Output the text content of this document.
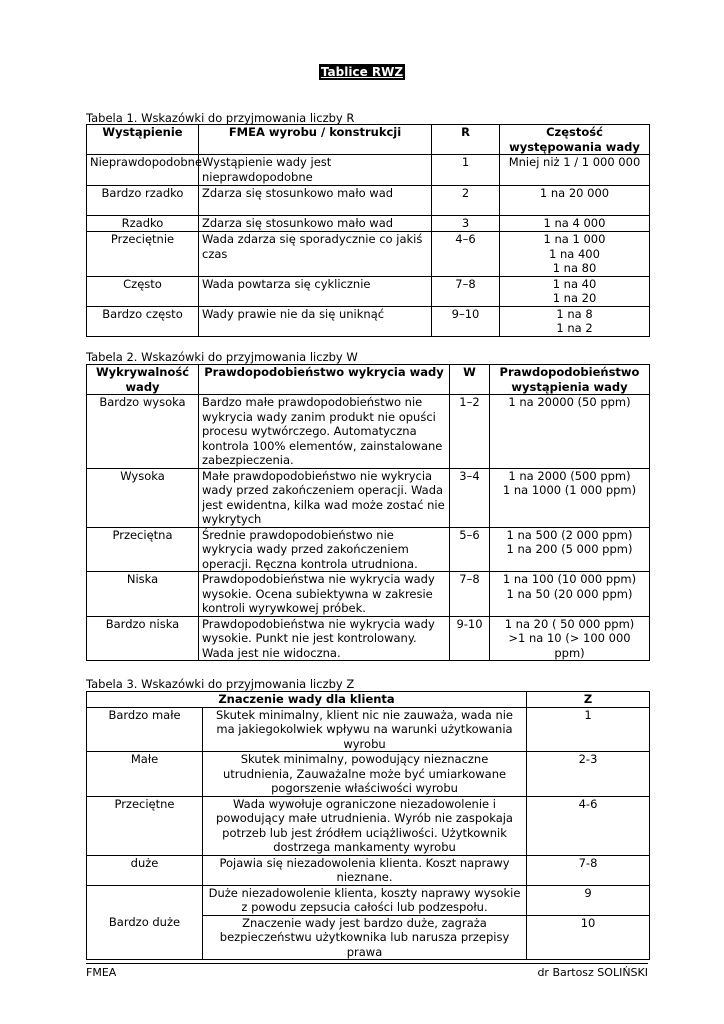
Tablice RWZ
Tabela 1. Wskazówki do przyjmowania liczby R
Wystąpienie	FMEA wyrobu / konstrukcji	R	Częstość występowania wady
Nieprawdopodobne	Wystąpienie wady jest nieprawdopodobne	1	Mniej niż 1 / 1 000 000
Bardzo rzadko	Zdarza się stosunkowo mało wad	2	1 na 20 000
Rzadko	Zdarza się stosunkowo mało wad	3	1 na 4 000
Przeciętnie	Wada zdarza się sporadycznie co jakiś czas	4–6	1 na 1 000
1 na 400
1 na 80
Często	Wada powtarza się cyklicznie	7–8	1 na 40
1 na 20
Bardzo często	Wady prawie nie da się uniknąć	9–10	1 na 8
1 na 2
Tabela 2. Wskazówki do przyjmowania liczby W
Wykrywalność wady	Prawdopodobieństwo wykrycia wady	W	Prawdopodobieństwo wystąpienia wady
Bardzo wysoka	Bardzo małe prawdopodobieństwo nie wykrycia wady zanim produkt nie opuści procesu wytwórczego. Automatyczna kontrola 100% elementów, zainstalowane zabezpieczenia.	1–2	1 na 20000 (50 ppm)
Wysoka	Małe prawdopodobieństwo nie wykrycia wady przed zakończeniem operacji. Wada jest ewidentna, kilka wad może zostać nie wykrytych	3–4	1 na 2000 (500 ppm)
1 na 1000 (1 000 ppm)
Przeciętna	Średnie prawdopodobieństwo nie wykrycia wady przed zakończeniem operacji. Ręczna kontrola utrudniona.	5–6	1 na 500 (2 000 ppm)
1 na 200 (5 000 ppm)
Niska	Prawdopodobieństwa nie wykrycia wady wysokie. Ocena subiektywna w zakresie kontroli wyrywkowej próbek.	7–8	1 na 100 (10 000 ppm)
1 na 50 (20 000 ppm)
Bardzo niska	Prawdopodobieństwa nie wykrycia wady wysokie. Punkt nie jest kontrolowany. Wada jest nie widoczna.	9-10	1 na 20 ( 50 000 ppm)
>1 na 10 (> 100 000 ppm)
Tabela 3. Wskazówki do przyjmowania liczby Z
Znaczenie wady dla klienta		Z
Bardzo małe	Skutek minimalny, klient nic nie zauważa, wada nie ma jakiegokolwiek wpływu na warunki użytkowania wyrobu	1
Małe	Skutek minimalny, powodujący nieznaczne utrudnienia, Zauważalne może być umiarkowane pogorszenie właściwości wyrobu	2-3
Przeciętne	Wada wywołuje ograniczone niezadowolenie i powodujący małe utrudnienia. Wyrób nie zaspokaja potrzeb lub jest źródłem uciążliwości. Użytkownik dostrzega mankamenty wyrobu	4-6
duże	Pojawia się niezadowolenia klienta. Koszt naprawy nieznane.	7-8
Bardzo duże	Duże niezadowolenie klienta, koszty naprawy wysokie z powodu zepsucia całości lub podzespołu.	9
	Znaczenie wady jest bardzo duże, zagraża bezpieczeństwu użytkownika lub narusza przepisy prawa	10
FMEA	dr Bartosz SOLIŃSKI
